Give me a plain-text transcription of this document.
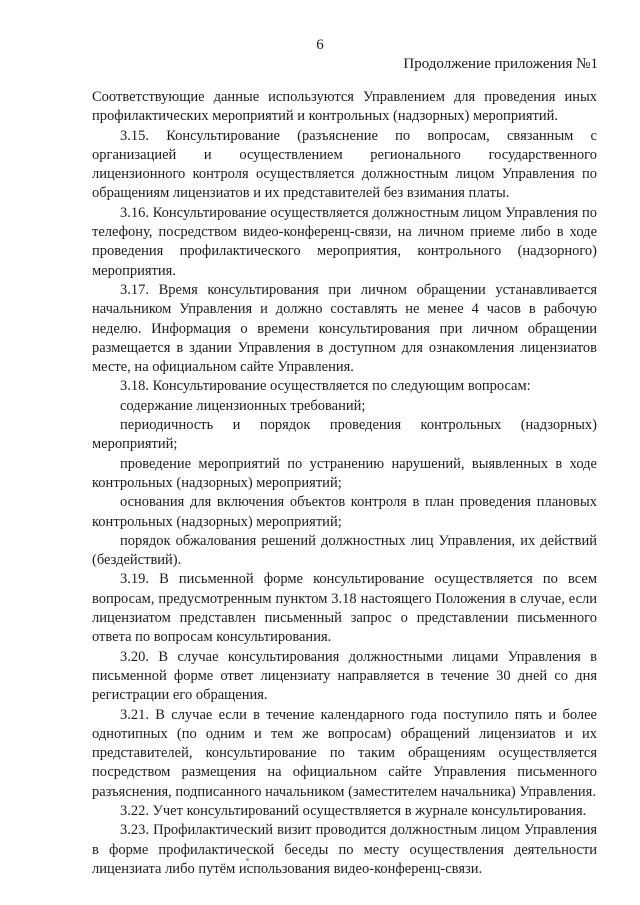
6
Продолжение приложения №1

Соответствующие данные используются Управлением для проведения иных профилактических мероприятий и контрольных (надзорных) мероприятий.

3.15. Консультирование (разъяснение по вопросам, связанным с организацией и осуществлением регионального государственного лицензионного контроля осуществляется должностным лицом Управления по обращениям лицензиатов и их представителей без взимания платы.

3.16. Консультирование осуществляется должностным лицом Управления по телефону, посредством видео-конференц-связи, на личном приеме либо в ходе проведения профилактического мероприятия, контрольного (надзорного) мероприятия.

3.17. Время консультирования при личном обращении устанавливается начальником Управления и должно составлять не менее 4 часов в рабочую неделю. Информация о времени консультирования при личном обращении размещается в здании Управления в доступном для ознакомления лицензиатов месте, на официальном сайте Управления.

3.18. Консультирование осуществляется по следующим вопросам:

содержание лицензионных требований;

периодичность и порядок проведения контрольных (надзорных) мероприятий;

проведение мероприятий по устранению нарушений, выявленных в ходе контрольных (надзорных) мероприятий;

основания для включения объектов контроля в план проведения плановых контрольных (надзорных) мероприятий;

порядок обжалования решений должностных лиц Управления, их действий (бездействий).

3.19. В письменной форме консультирование осуществляется по всем вопросам, предусмотренным пунктом 3.18 настоящего Положения в случае, если лицензиатом представлен письменный запрос о представлении письменного ответа по вопросам консультирования.

3.20. В случае консультирования должностными лицами Управления в письменной форме ответ лицензиату направляется в течение 30 дней со дня регистрации его обращения.

3.21. В случае если в течение календарного года поступило пять и более однотипных (по одним и тем же вопросам) обращений лицензиатов и их представителей, консультирование по таким обращениям осуществляется посредством размещения на официальном сайте Управления письменного разъяснения, подписанного начальником (заместителем начальника) Управления.

3.22. Учет консультирований осуществляется в журнале консультирования.

3.23. Профилактический визит проводится должностным лицом Управления в форме профилактической беседы по месту осуществления деятельности лицензиата либо путём использования видео-конференц-связи.
